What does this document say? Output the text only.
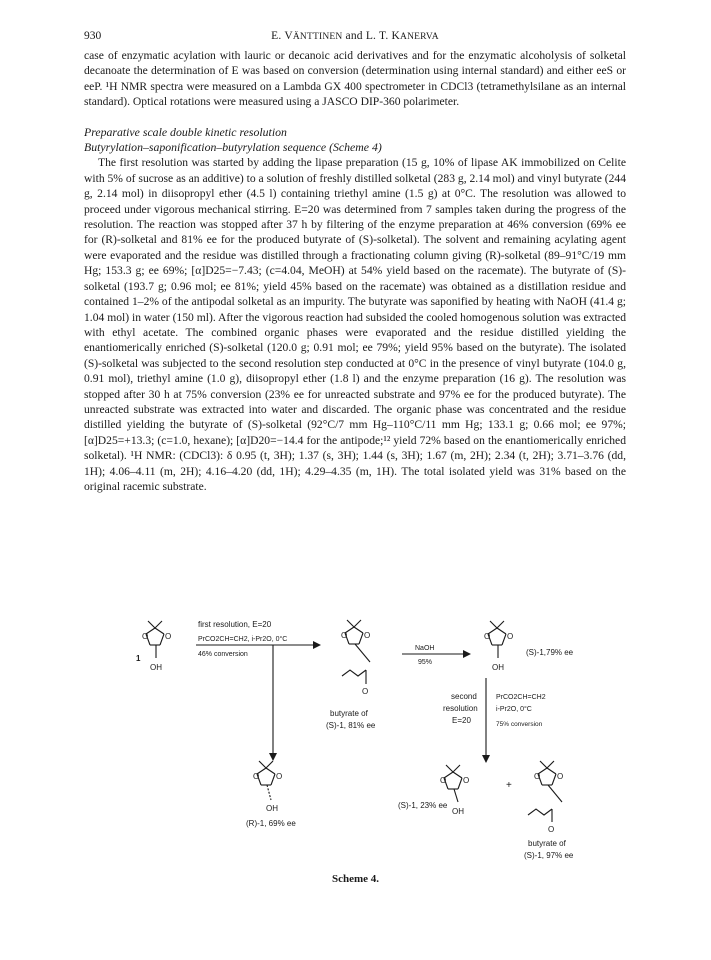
930	E. VÄNTTINEN and L. T. KANERVA

case of enzymatic acylation with lauric or decanoic acid derivatives and for the enzymatic alcoholysis of solketal decanoate the determination of E was based on conversion (determination using internal standard) and either eeS or eeP. ¹H NMR spectra were measured on a Lambda GX 400 spectrometer in CDCl3 (tetramethylsilane as an internal standard). Optical rotations were measured using a JASCO DIP-360 polarimeter.

Preparative scale double kinetic resolution

Butyrylation–saponification–butyrylation sequence (Scheme 4)

The first resolution was started by adding the lipase preparation (15 g, 10% of lipase AK immobilized on Celite with 5% of sucrose as an additive) to a solution of freshly distilled solketal (283 g, 2.14 mol) and vinyl butyrate (244 g, 2.14 mol) in diisopropyl ether (4.5 l) containing triethyl amine (1.5 g) at 0°C. The resolution was allowed to proceed under vigorous mechanical stirring. E=20 was determined from 7 samples taken during the progress of the resolution. The reaction was stopped after 37 h by filtering of the enzyme preparation at 46% conversion (69% ee for (R)-solketal and 81% ee for the produced butyrate of (S)-solketal). The solvent and remaining acylating agent were evaporated and the residue was distilled through a fractionating column giving (R)-solketal (89–91°C/19 mm Hg; 153.3 g; ee 69%; [α]D25=−7.43; (c=4.04, MeOH) at 54% yield based on the racemate). The butyrate of (S)-solketal (193.7 g; 0.96 mol; ee 81%; yield 45% based on the racemate) was obtained as a distillation residue and contained 1–2% of the antipodal solketal as an impurity. The butyrate was saponified by heating with NaOH (41.4 g; 1.04 mol) in water (150 ml). After the vigorous reaction had subsided the cooled homogenous solution was extracted with ethyl acetate. The combined organic phases were evaporated and the residue distilled yielding the enantiomerically enriched (S)-solketal (120.0 g; 0.91 mol; ee 79%; yield 95% based on the butyrate). The isolated (S)-solketal was subjected to the second resolution step conducted at 0°C in the presence of vinyl butyrate (104.0 g, 0.91 mol), triethyl amine (1.0 g), diisopropyl ether (1.8 l) and the enzyme preparation (16 g). The resolution was stopped after 30 h at 75% conversion (23% ee for unreacted substrate and 97% ee for the produced butyrate). The unreacted substrate was extracted into water and discarded. The organic phase was concentrated and the residue distilled yielding the butyrate of (S)-solketal (92°C/7 mm Hg–110°C/11 mm Hg; 133.1 g; 0.66 mol; ee 97%; [α]D25=+13.3; (c=1.0, hexane); [α]D20=−14.4 for the antipode;¹² yield 72% based on the enantiomerically enriched solketal). ¹H NMR: (CDCl3): δ 0.95 (t, 3H); 1.37 (s, 3H); 1.44 (s, 3H); 1.67 (m, 2H); 2.34 (t, 2H); 3.71–3.76 (dd, 1H); 4.06–4.11 (m, 2H); 4.16–4.20 (dd, 1H); 4.29–4.35 (m, 1H). The total isolated yield was 31% based on the original racemic substrate.

O O
OH
1
first resolution, E=20
PrCO2CH=CH2, i-Pr2O, 0°C
46% conversion
O O
O
butyrate of
(S)-1, 81% ee
NaOH
95%
O O
OH
(S)-1,79% ee
second
resolution
E=20
PrCO2CH=CH2
i-Pr2O, 0°C
75% conversion
O O
OH
(R)-1, 69% ee
O O
OH
(S)-1, 23% ee
+
O O
O
butyrate of
(S)-1, 97% ee
Scheme 4.
